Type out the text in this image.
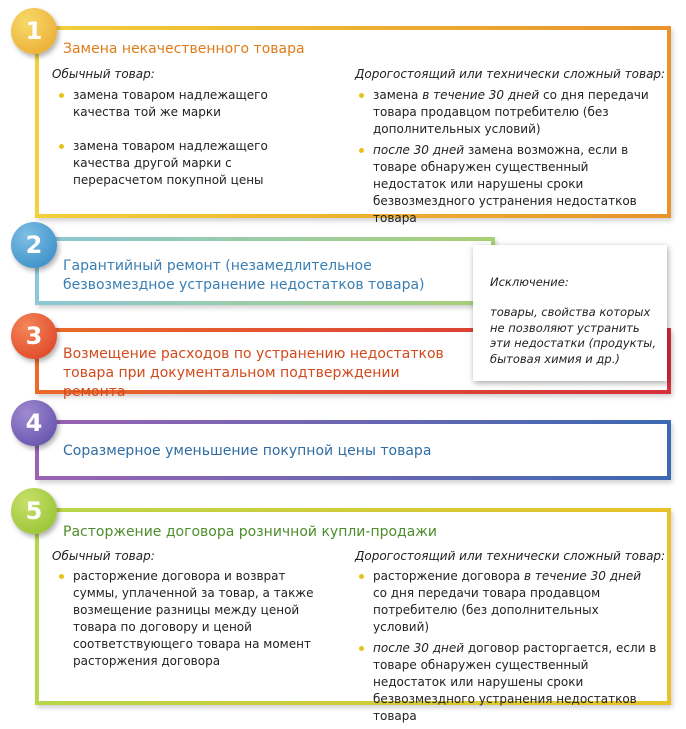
Замена некачественного товара
Обычный товар:
замена товаром надлежащего качества той же марки
замена товаром надлежащего качества другой марки с перерасчетом покупной цены
Дорогостоящий или технически сложный товар:
замена в течение 30 дней со дня передачи товара продавцом потребителю (без дополнительных условий)
после 30 дней замена возможна, если в товаре обнаружен существенный недостаток или нарушены сроки безвозмездного устранения недостатков товара
1
Гарантийный ремонт (незамедлительное безвозмездное устранение недостатков товара)
2
Возмещение расходов по устранению недостатков товара при документальном подтверждении ремонта
3
Соразмерное уменьшение покупной цены товара
4
Расторжение договора розничной купли-продажи
Обычный товар:
расторжение договора и возврат суммы, уплаченной за товар, а также возмещение разницы между ценой товара по договору и ценой соответствующего товара на момент расторжения договора
Дорогостоящий или технически сложный товар:
расторжение договора в течение 30 дней со дня передачи товара продавцом потребителю (без дополнительных условий)
после 30 дней договор расторгается, если в товаре обнаружен существенный недостаток или нарушены сроки безвозмездного устранения недостатков товара
5
Исключение:
товары, свойства которых не позволяют устранить эти недостатки (продукты, бытовая химия и др.)
